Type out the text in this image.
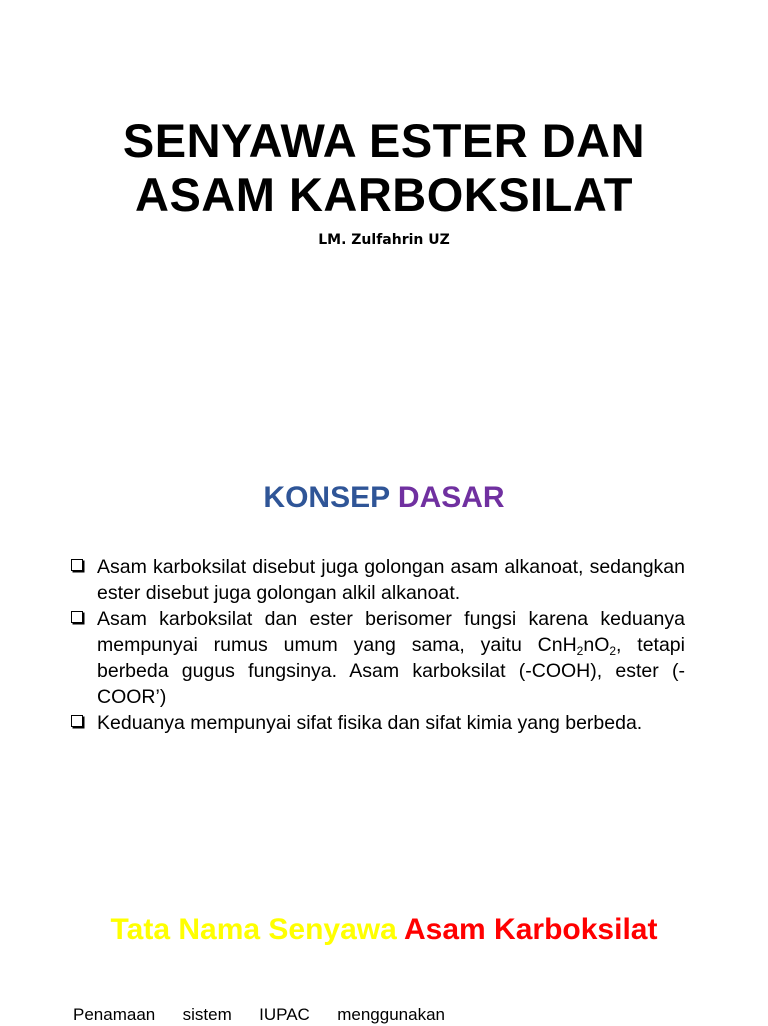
SENYAWA ESTER DAN
ASAM KARBOKSILAT
LM. Zulfahrin UZ
KONSEP DASAR
Asam karboksilat disebut juga golongan asam alkanoat, sedangkan ester disebut juga golongan alkil alkanoat.
Asam karboksilat dan ester berisomer fungsi karena keduanya mempunyai rumus umum yang sama, yaitu $CnH_2nO_2$, tetapi berbeda gugus fungsinya. Asam karboksilat (-COOH), ester (-COOR’)
Keduanya mempunyai sifat fisika dan sifat kimia yang berbeda.
Tata Nama Senyawa Asam Karboksilat
Penamaan sistem IUPAC menggunakan
